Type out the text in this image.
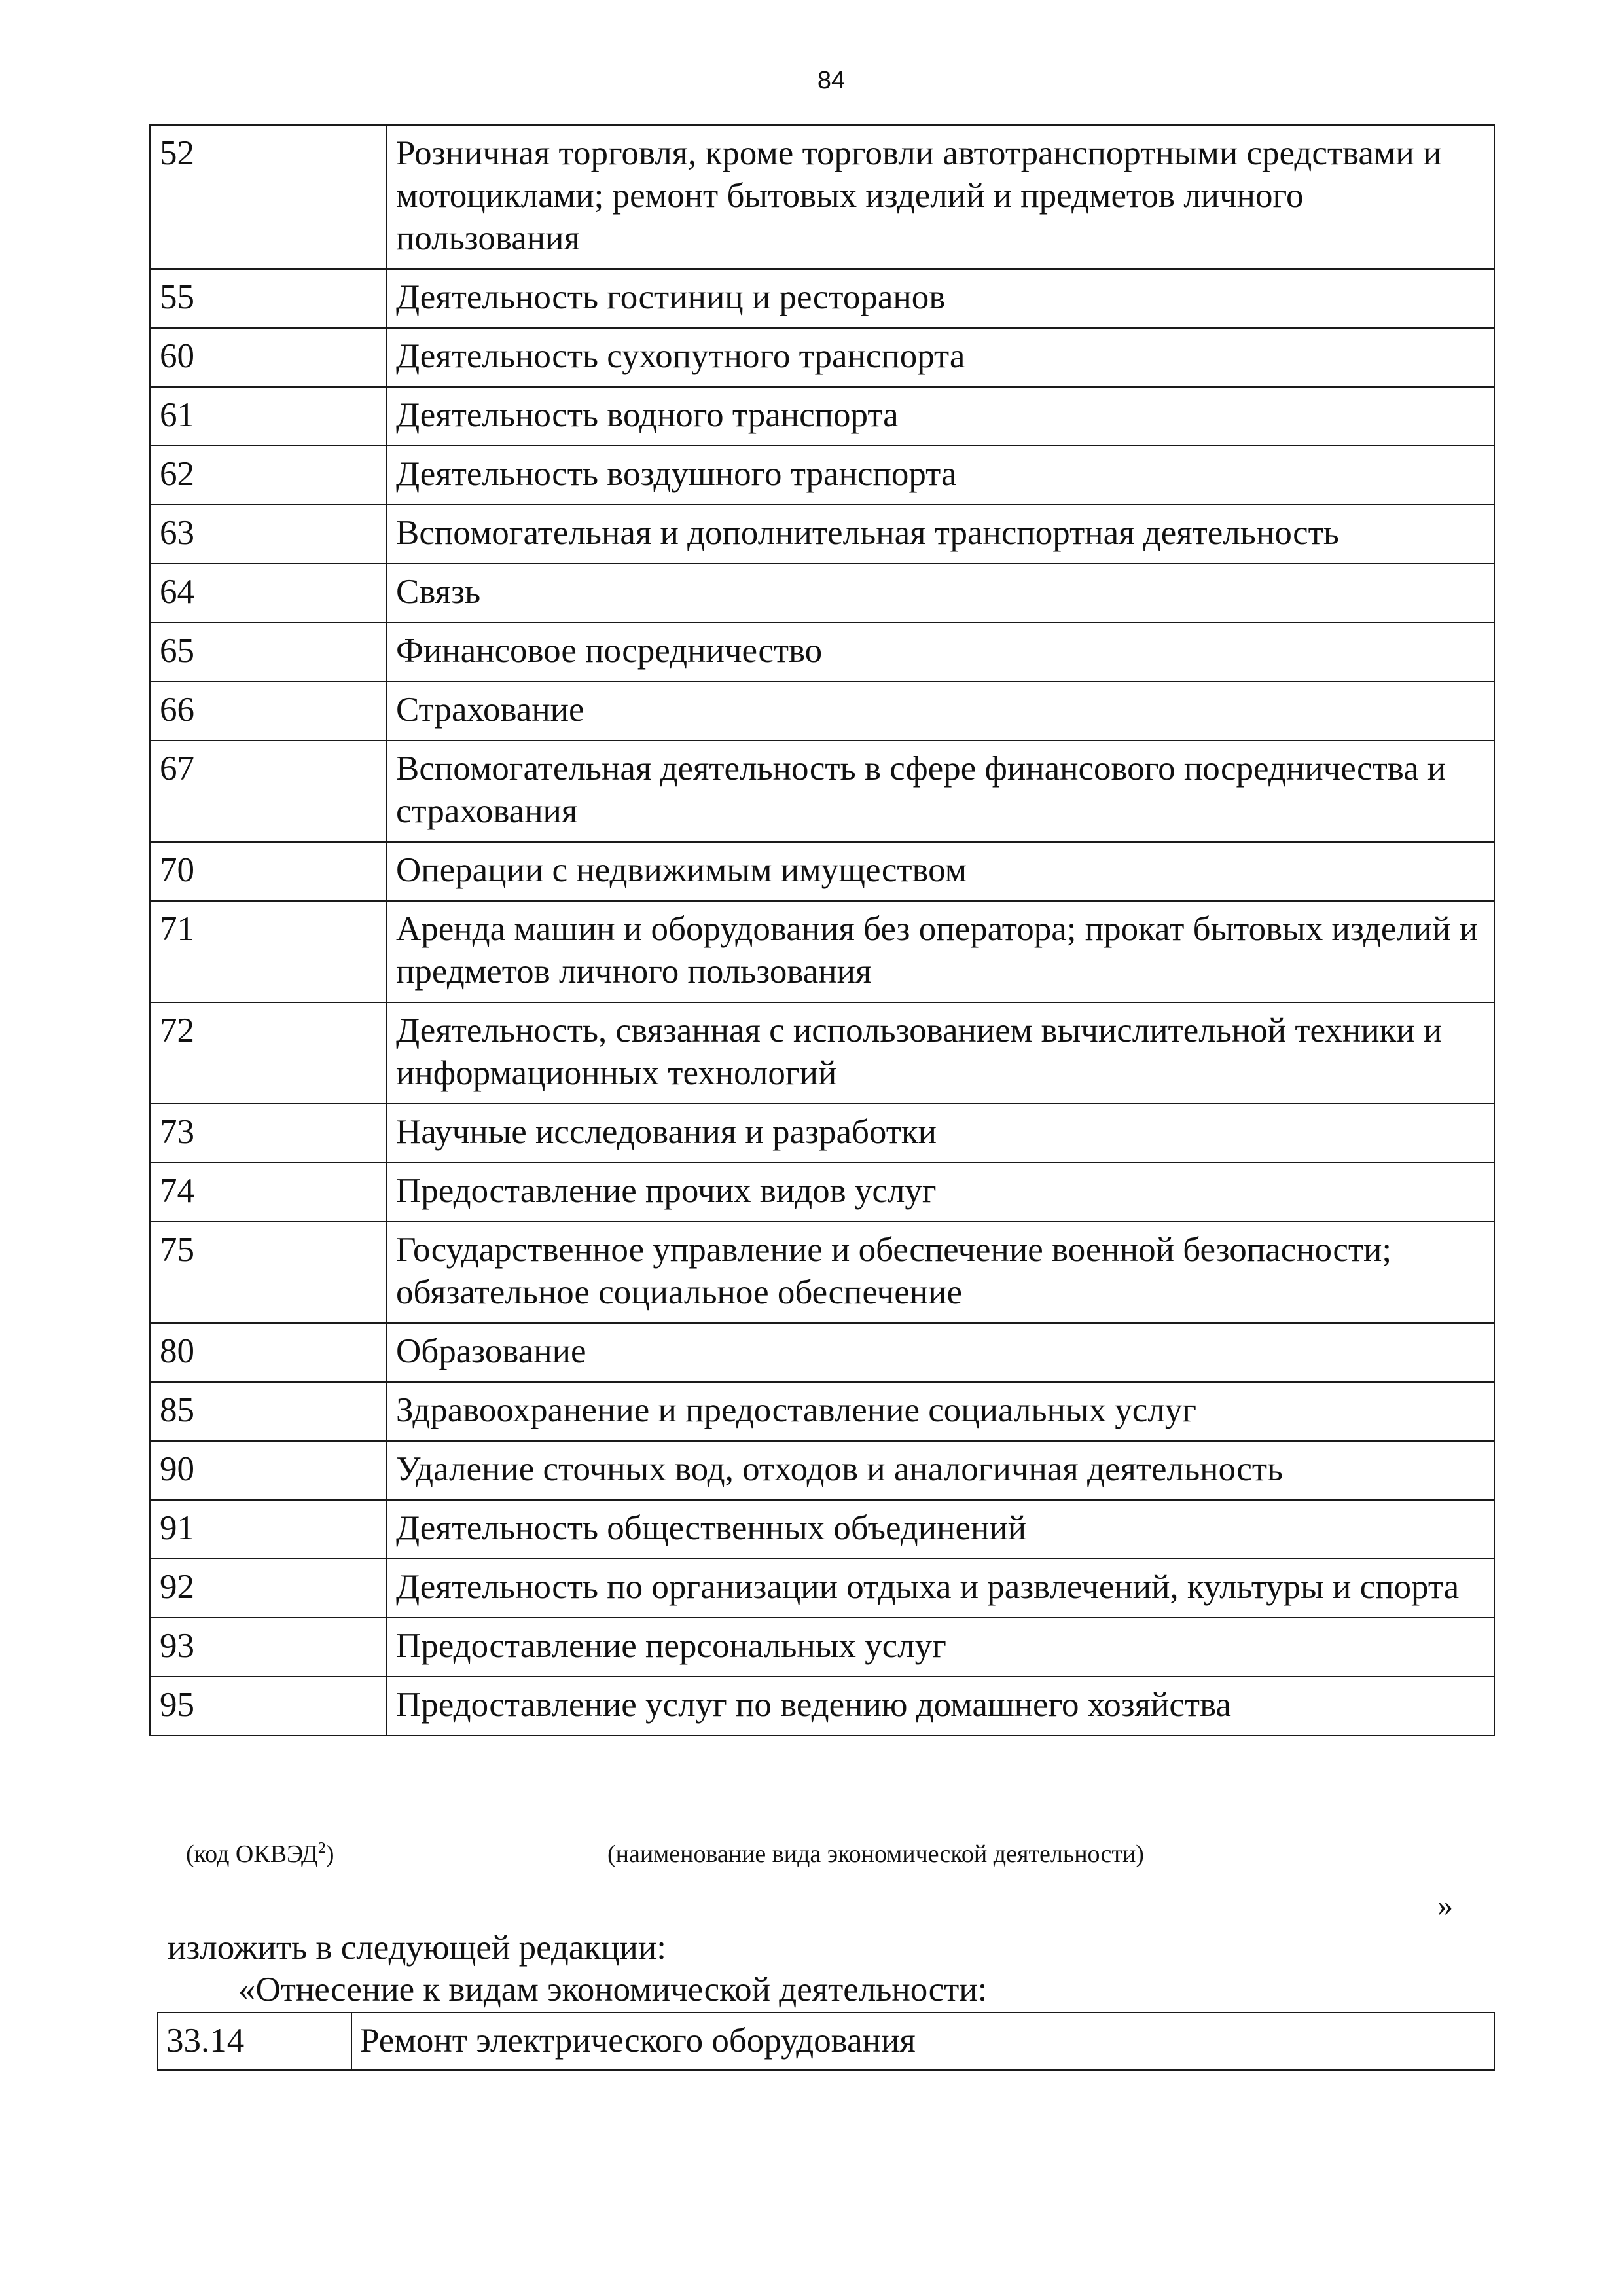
84
52	Розничная торговля, кроме торговли автотранспортными средствами и мотоциклами; ремонт бытовых изделий и предметов личного пользования
55	Деятельность гостиниц и ресторанов
60	Деятельность сухопутного транспорта
61	Деятельность водного транспорта
62	Деятельность воздушного транспорта
63	Вспомогательная и дополнительная транспортная деятельность
64	Связь
65	Финансовое посредничество
66	Страхование
67	Вспомогательная деятельность в сфере финансового посредничества и страхования
70	Операции с недвижимым имуществом
71	Аренда машин и оборудования без оператора; прокат бытовых изделий и предметов личного пользования
72	Деятельность, связанная с использованием вычислительной техники и информационных технологий
73	Научные исследования и разработки
74	Предоставление прочих видов услуг
75	Государственное управление и обеспечение военной безопасности; обязательное социальное обеспечение
80	Образование
85	Здравоохранение и предоставление социальных услуг
90	Удаление сточных вод, отходов и аналогичная деятельность
91	Деятельность общественных объединений
92	Деятельность по организации отдыха и развлечений, культуры и спорта
93	Предоставление персональных услуг
95	Предоставление услуг по ведению домашнего хозяйства
(код ОКВЭД$^2$)	(наименование вида экономической деятельности)
»
изложить в следующей редакции:
«Отнесение к видам экономической деятельности:
33.14	Ремонт электрического оборудования
